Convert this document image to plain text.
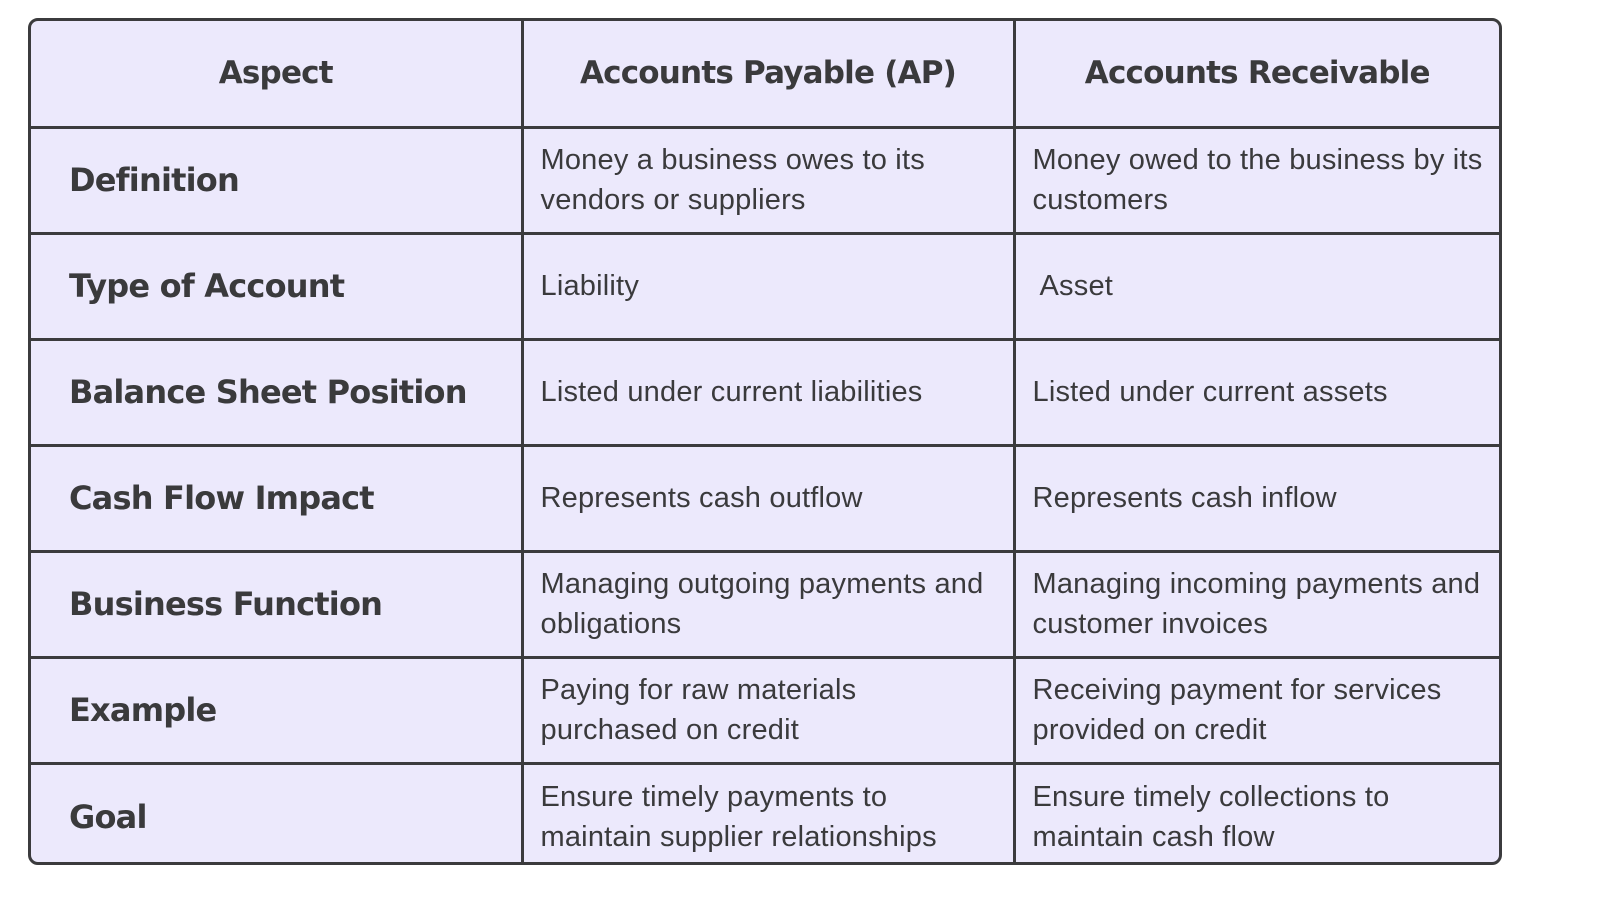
Aspect	Accounts Payable (AP)	Accounts Receivable
Definition	Money a business owes to its vendors or suppliers	Money owed to the business by its customers
Type of Account	Liability	Asset
Balance Sheet Position	Listed under current liabilities	Listed under current assets
Cash Flow Impact	Represents cash outflow	Represents cash inflow
Business Function	Managing outgoing payments and obligations	Managing incoming payments and customer invoices
Example	Paying for raw materials purchased on credit	Receiving payment for services provided on credit
Goal	Ensure timely payments to maintain supplier relationships	Ensure timely collections to maintain cash flow
